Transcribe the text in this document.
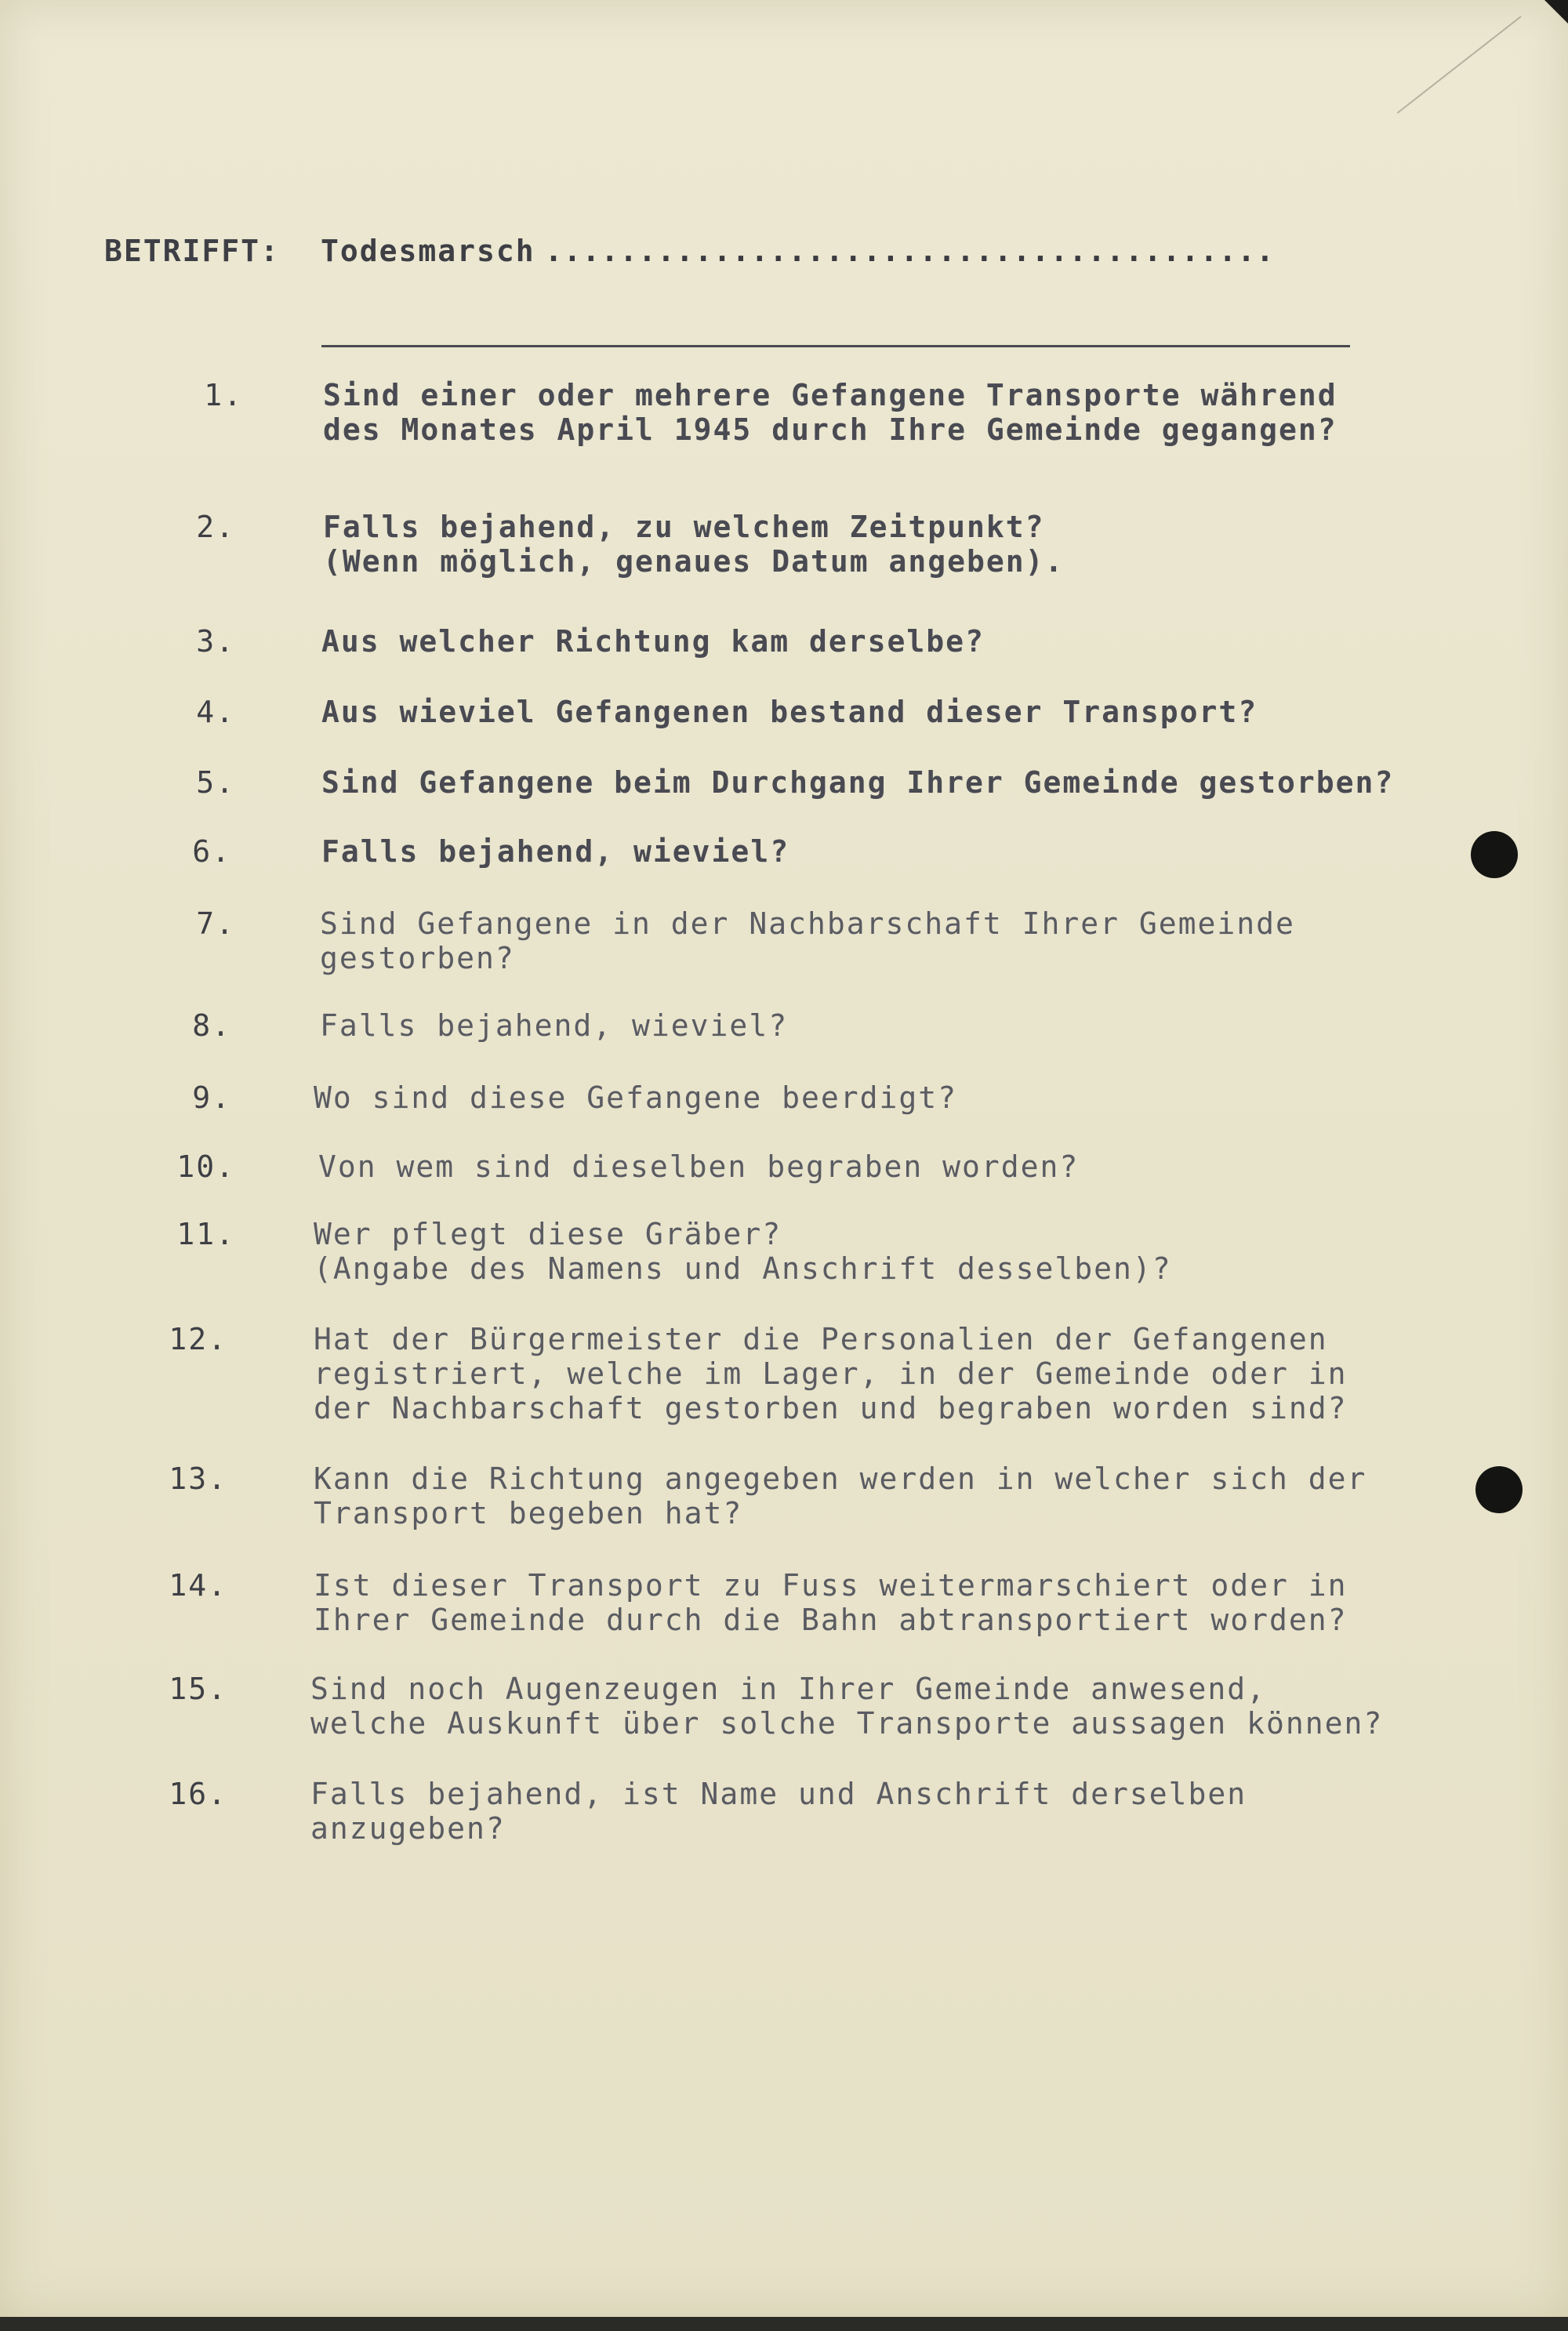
BETRIFFT:	Todesmarsch .......................................
1.	Sind einer oder mehrere Gefangene Transporte während
des Monates April 1945 durch Ihre Gemeinde gegangen?
2.	Falls bejahend, zu welchem Zeitpunkt?
(Wenn möglich, genaues Datum angeben).
3.	Aus welcher Richtung kam derselbe?
4.	Aus wieviel Gefangenen bestand dieser Transport?
5.	Sind Gefangene beim Durchgang Ihrer Gemeinde gestorben?
6.	Falls bejahend, wieviel?
7.	Sind Gefangene in der Nachbarschaft Ihrer Gemeinde
gestorben?
8.	Falls bejahend, wieviel?
9.	Wo sind diese Gefangene beerdigt?
10.	Von wem sind dieselben begraben worden?
11.	Wer pflegt diese Gräber?
(Angabe des Namens und Anschrift desselben)?
12.	Hat der Bürgermeister die Personalien der Gefangenen
registriert, welche im Lager, in der Gemeinde oder in
der Nachbarschaft gestorben und begraben worden sind?
13.	Kann die Richtung angegeben werden in welcher sich der
Transport begeben hat?
14.	Ist dieser Transport zu Fuss weitermarschiert oder in
Ihrer Gemeinde durch die Bahn abtransportiert worden?
15.	Sind noch Augenzeugen in Ihrer Gemeinde anwesend,
welche Auskunft über solche Transporte aussagen können?
16.	Falls bejahend, ist Name und Anschrift derselben
anzugeben?
